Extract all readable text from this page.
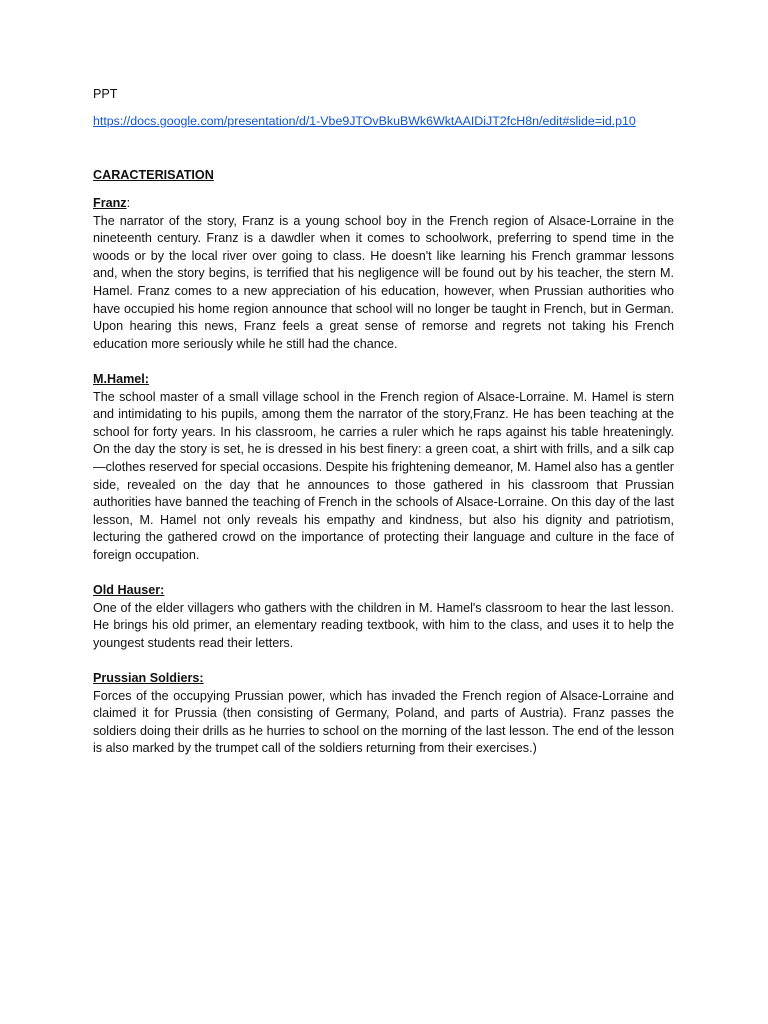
PPT

https://docs.google.com/presentation/d/1-Vbe9JTOvBkuBWk6WktAAIDiJT2fcH8n/edit#slide=id.p10
CARACTERISATION

Franz:

The narrator of the story, Franz is a young school boy in the French region of Alsace-Lorraine in the nineteenth century. Franz is a dawdler when it comes to schoolwork, preferring to spend time in the woods or by the local river over going to class. He doesn't like learning his French grammar lessons and, when the story begins, is terrified that his negligence will be found out by his teacher, the stern M. Hamel. Franz comes to a new appreciation of his education, however, when Prussian authorities who have occupied his home region announce that school will no longer be taught in French, but in German. Upon hearing this news, Franz feels a great sense of remorse and regrets not taking his French education more seriously while he still had the chance.

M.Hamel:

The school master of a small village school in the French region of Alsace-Lorraine. M. Hamel is stern and intimidating to his pupils, among them the narrator of the story,Franz. He has been teaching at the school for forty years. In his classroom, he carries a ruler which he raps against his table hreateningly. On the day the story is set, he is dressed in his best finery: a green coat, a shirt with frills, and a silk cap—clothes reserved for special occasions. Despite his frightening demeanor, M. Hamel also has a gentler side, revealed on the day that he announces to those gathered in his classroom that Prussian authorities have banned the teaching of French in the schools of Alsace-Lorraine. On this day of the last lesson, M. Hamel not only reveals his empathy and kindness, but also his dignity and patriotism, lecturing the gathered crowd on the importance of protecting their language and culture in the face of foreign occupation.

Old Hauser:

One of the elder villagers who gathers with the children in M. Hamel's classroom to hear the last lesson. He brings his old primer, an elementary reading textbook, with him to the class, and uses it to help the youngest students read their letters.

Prussian Soldiers:

Forces of the occupying Prussian power, which has invaded the French region of Alsace-Lorraine and claimed it for Prussia (then consisting of Germany, Poland, and parts of Austria). Franz passes the soldiers doing their drills as he hurries to school on the morning of the last lesson. The end of the lesson is also marked by the trumpet call of the soldiers returning from their exercises.)
